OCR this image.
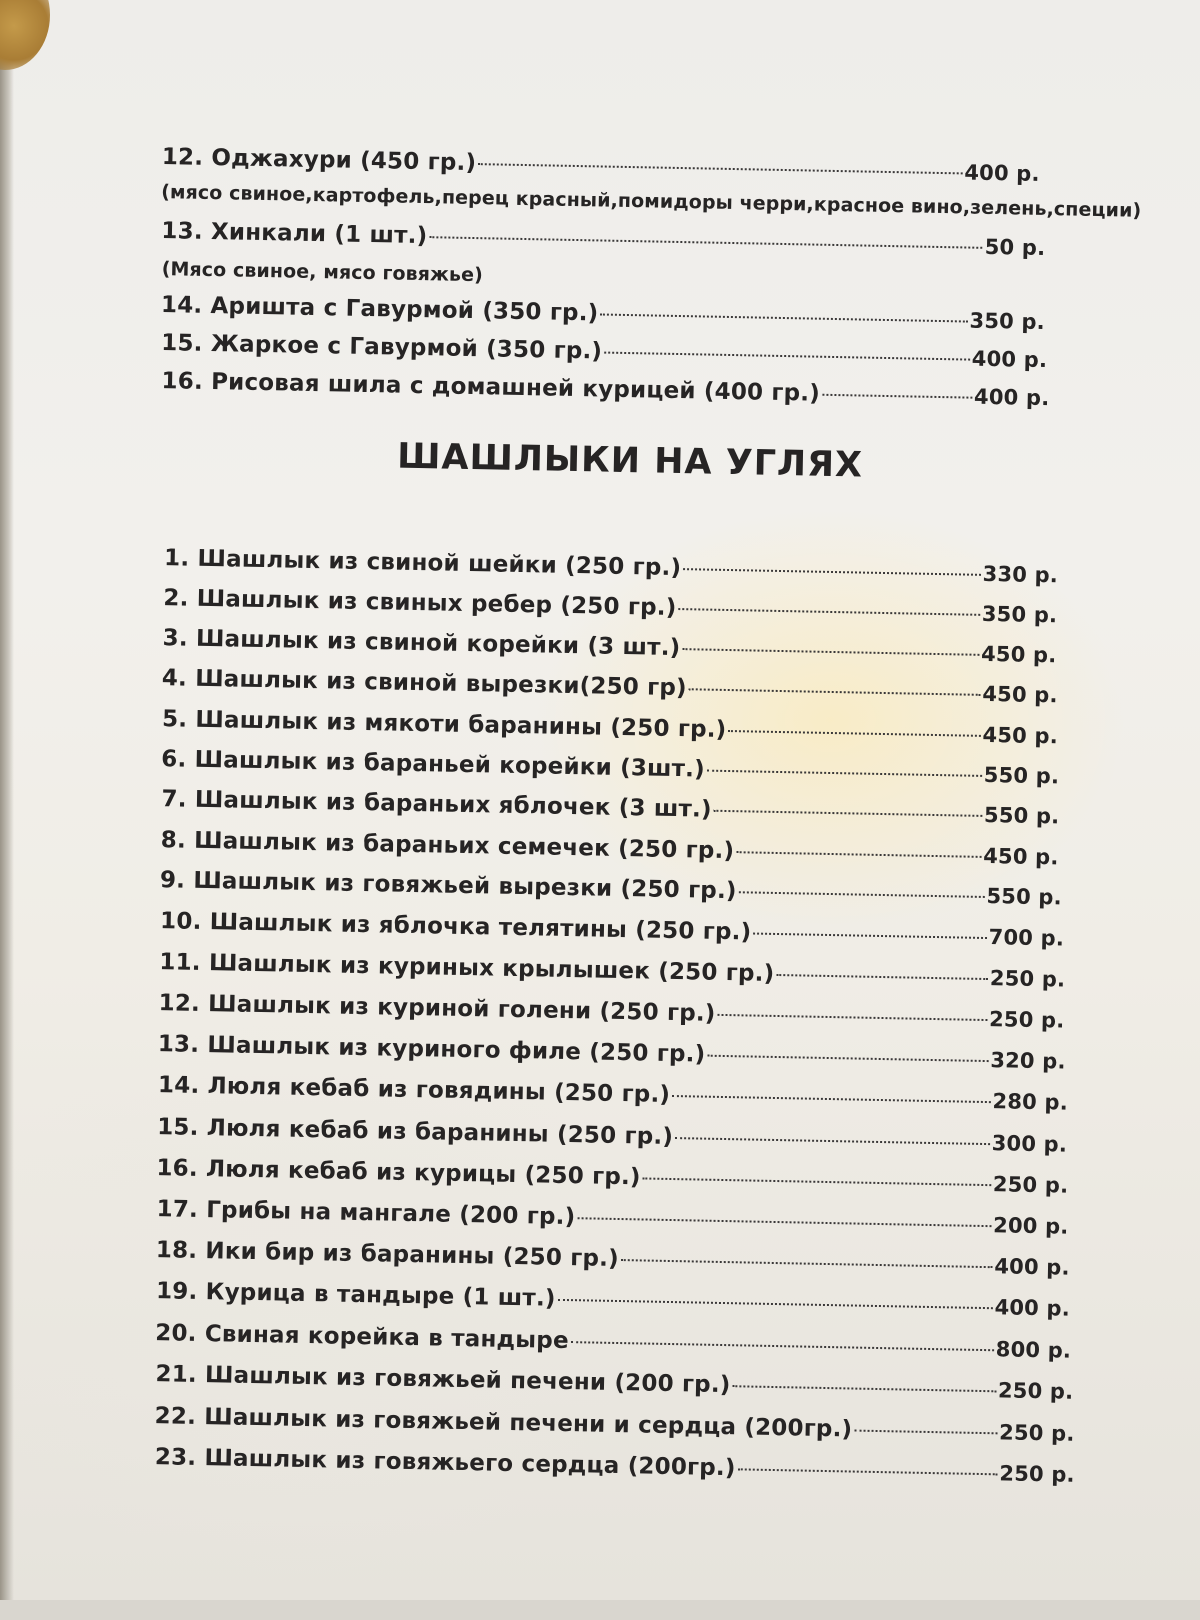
12. Оджахури (450 гр.)	400 р.
(мясо свиное,картофель,перец красный,помидоры черри,красное вино,зелень,специи)
13. Хинкали (1 шт.)	50 р.
(Мясо свиное, мясо говяжье)
14. Аришта с Гавурмой (350 гр.)	350 р.
15. Жаркое с Гавурмой (350 гр.)	400 р.
16. Рисовая шила с домашней курицей (400 гр.)	400 р.
ШАШЛЫКИ НА УГЛЯХ
1. Шашлык из свиной шейки (250 гр.)	330 р.
2. Шашлык из свиных ребер (250 гр.)	350 р.
3. Шашлык из свиной корейки (3 шт.)	450 р.
4. Шашлык из свиной вырезки(250 гр)	450 р.
5. Шашлык из мякоти баранины (250 гр.)	450 р.
6. Шашлык из бараньей корейки (3шт.)	550 р.
7. Шашлык из бараньих яблочек (3 шт.)	550 р.
8. Шашлык из бараньих семечек (250 гр.)	450 р.
9. Шашлык из говяжьей вырезки (250 гр.)	550 р.
10. Шашлык из яблочка телятины (250 гр.)	700 р.
11. Шашлык из куриных крылышек (250 гр.)	250 р.
12. Шашлык из куриной голени (250 гр.)	250 р.
13. Шашлык из куриного филе (250 гр.)	320 р.
14. Люля кебаб из говядины (250 гр.)	280 р.
15. Люля кебаб из баранины (250 гр.)	300 р.
16. Люля кебаб из курицы (250 гр.)	250 р.
17. Грибы на мангале (200 гр.)	200 р.
18. Ики бир из баранины (250 гр.)	400 р.
19. Курица в тандыре (1 шт.)	400 р.
20. Свиная корейка в тандыре	800 р.
21. Шашлык из говяжьей печени (200 гр.)	250 р.
22. Шашлык из говяжьей печени и сердца (200гр.)	250 р.
23. Шашлык из говяжьего сердца (200гр.)	250 р.
